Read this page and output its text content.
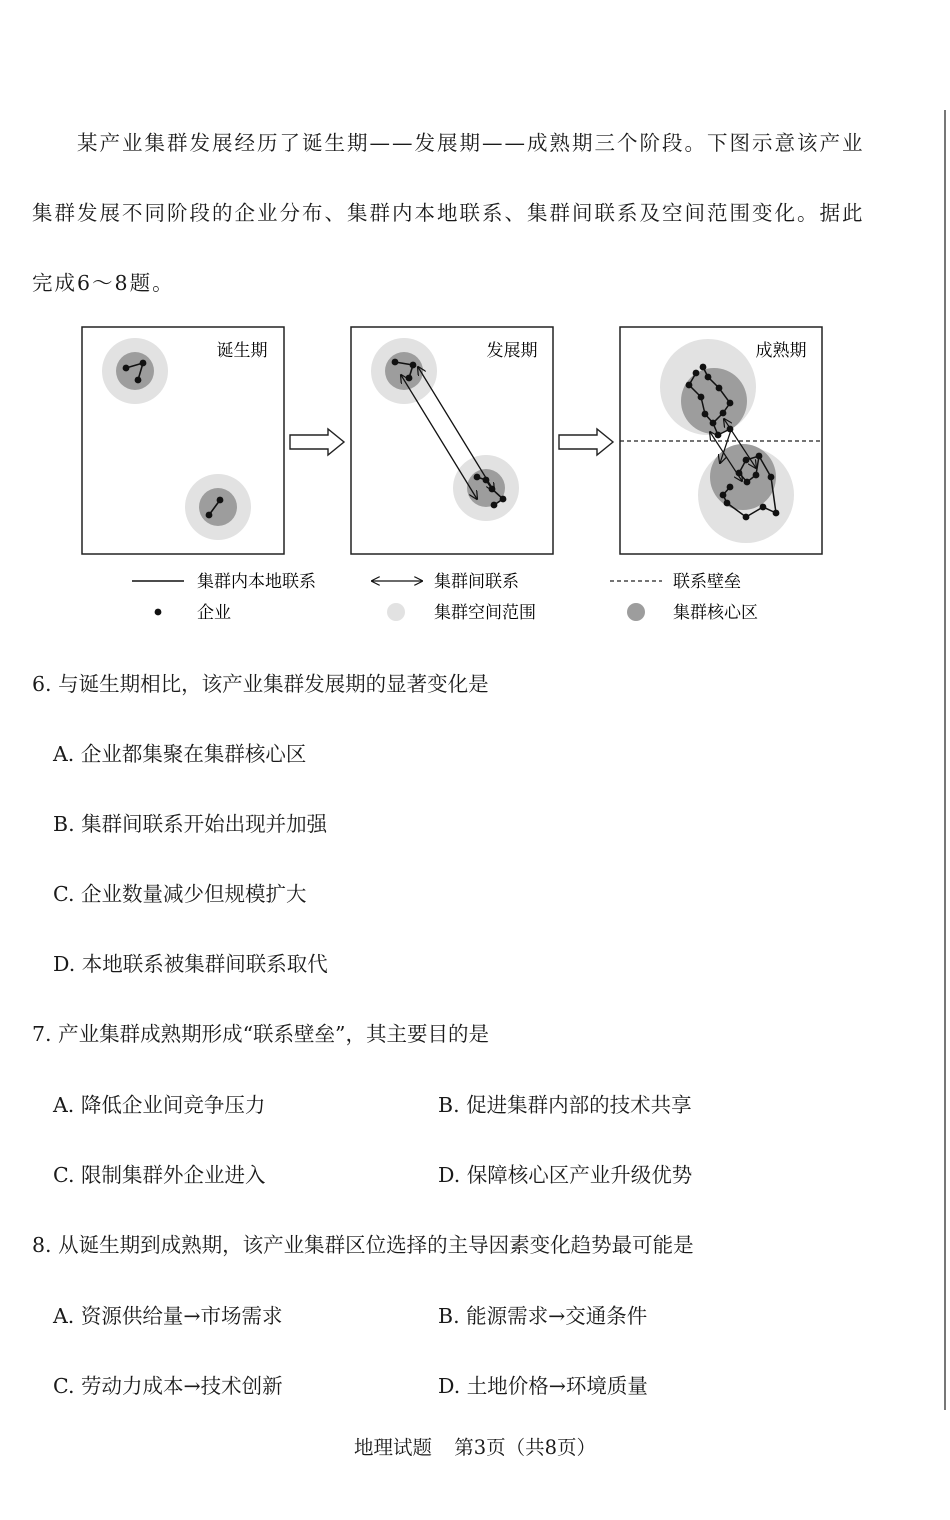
某产业集群发展经历了诞生期——发展期——成熟期三个阶段。下图示意该产业集群发展不同阶段的企业分布、集群内本地联系、集群间联系及空间范围变化。据此完成6～8题。

诞生期	发展期	成熟期
集群内本地联系	集群间联系	联系壁垒
企业	集群空间范围	集群核心区
6. 与诞生期相比，该产业集群发展期的显著变化是
A. 企业都集聚在集群核心区
B. 集群间联系开始出现并加强
C. 企业数量减少但规模扩大
D. 本地联系被集群间联系取代
7. 产业集群成熟期形成“联系壁垒”，其主要目的是
A. 降低企业间竞争压力	B. 促进集群内部的技术共享
C. 限制集群外企业进入	D. 保障核心区产业升级优势
8. 从诞生期到成熟期，该产业集群区位选择的主导因素变化趋势最可能是
A. 资源供给量→市场需求	B. 能源需求→交通条件
C. 劳动力成本→技术创新	D. 土地价格→环境质量
地理试题 第3页（共8页）
